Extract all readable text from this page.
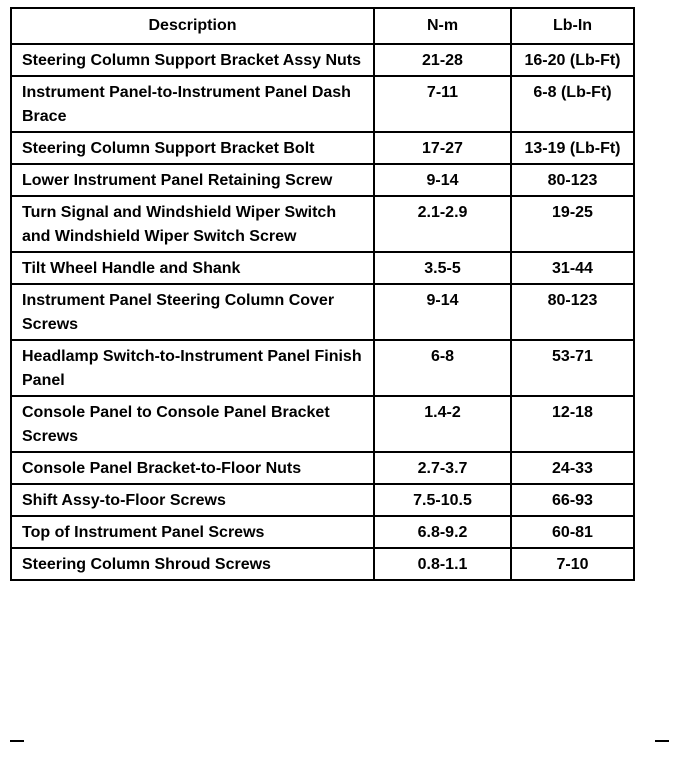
Description	N-m	Lb-In
Steering Column Support Bracket Assy Nuts	21-28	16-20 (Lb-Ft)
Instrument Panel-to-Instrument Panel Dash Brace	7-11	6-8 (Lb-Ft)
Steering Column Support Bracket Bolt	17-27	13-19 (Lb-Ft)
Lower Instrument Panel Retaining Screw	9-14	80-123
Turn Signal and Windshield Wiper Switch and Windshield Wiper Switch Screw	2.1-2.9	19-25
Tilt Wheel Handle and Shank	3.5-5	31-44
Instrument Panel Steering Column Cover Screws	9-14	80-123
Headlamp Switch-to-Instrument Panel Finish Panel	6-8	53-71
Console Panel to Console Panel Bracket Screws	1.4-2	12-18
Console Panel Bracket-to-Floor Nuts	2.7-3.7	24-33
Shift Assy-to-Floor Screws	7.5-10.5	66-93
Top of Instrument Panel Screws	6.8-9.2	60-81
Steering Column Shroud Screws	0.8-1.1	7-10
